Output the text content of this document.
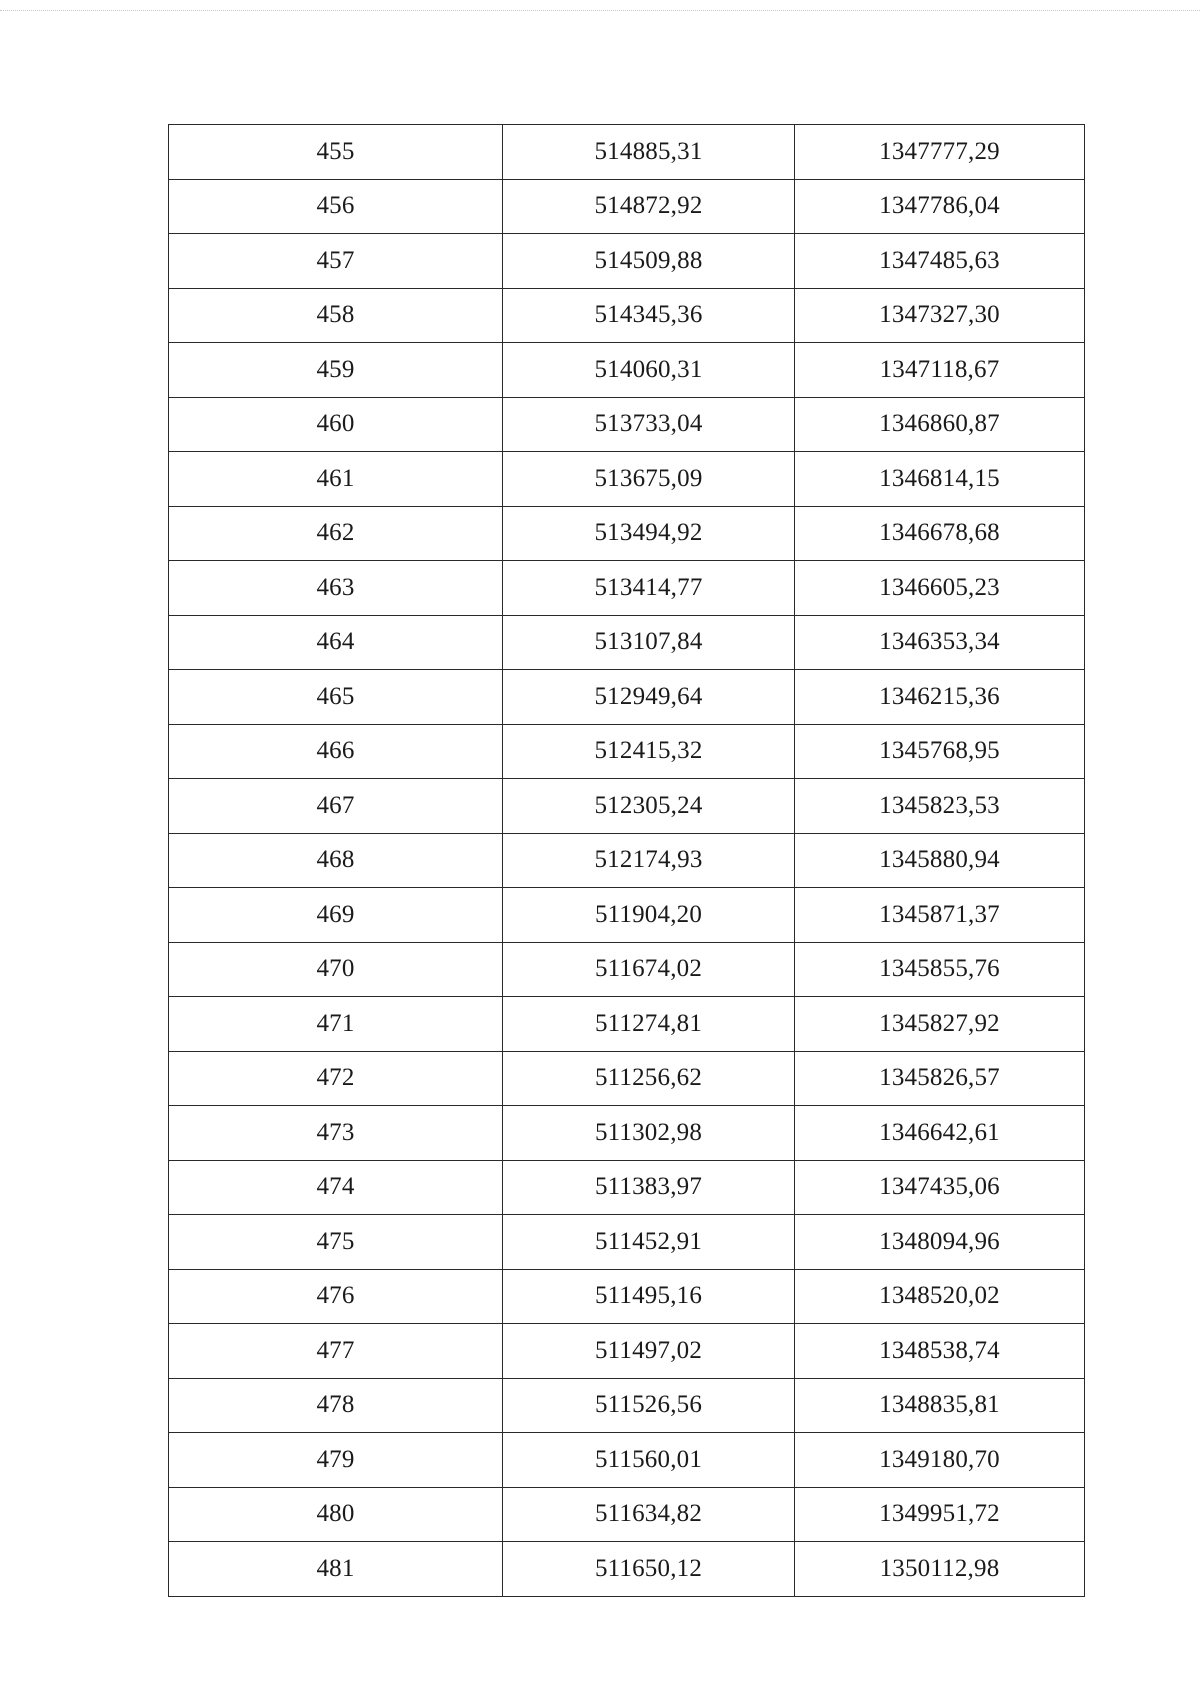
455	514885,31	1347777,29
456	514872,92	1347786,04
457	514509,88	1347485,63
458	514345,36	1347327,30
459	514060,31	1347118,67
460	513733,04	1346860,87
461	513675,09	1346814,15
462	513494,92	1346678,68
463	513414,77	1346605,23
464	513107,84	1346353,34
465	512949,64	1346215,36
466	512415,32	1345768,95
467	512305,24	1345823,53
468	512174,93	1345880,94
469	511904,20	1345871,37
470	511674,02	1345855,76
471	511274,81	1345827,92
472	511256,62	1345826,57
473	511302,98	1346642,61
474	511383,97	1347435,06
475	511452,91	1348094,96
476	511495,16	1348520,02
477	511497,02	1348538,74
478	511526,56	1348835,81
479	511560,01	1349180,70
480	511634,82	1349951,72
481	511650,12	1350112,98
